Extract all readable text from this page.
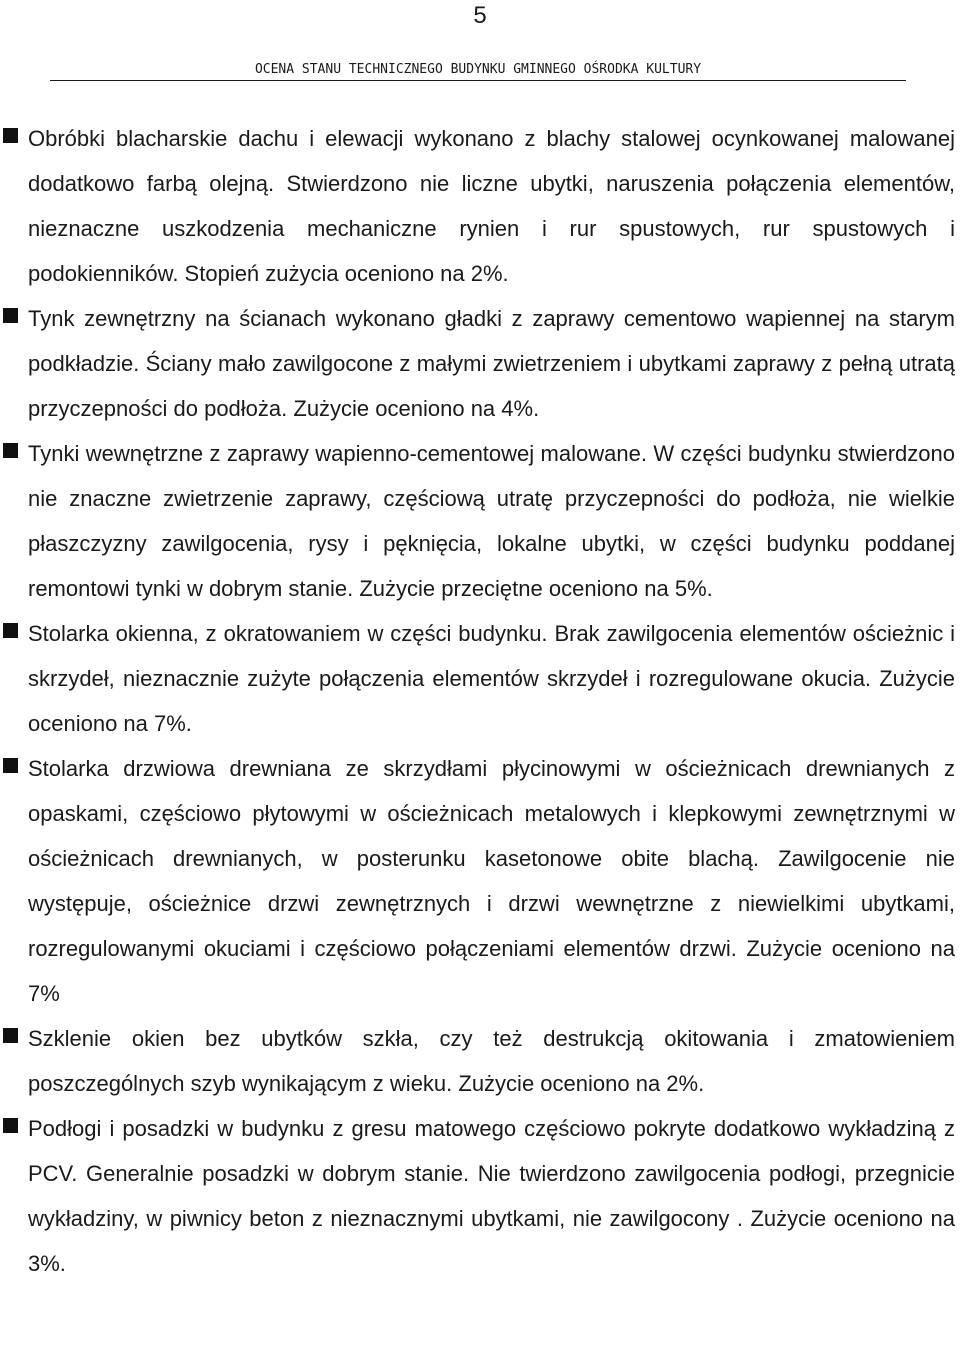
5
OCENA STANU TECHNICZNEGO BUDYNKU GMINNEGO OŚRODKA KULTURY
Obróbki blacharskie dachu i elewacji wykonano z blachy stalowej ocynkowanej malowanej dodatkowo farbą olejną. Stwierdzono nie liczne ubytki, naruszenia połączenia elementów, nieznaczne uszkodzenia mechaniczne rynien i rur spustowych, rur spustowych i podokienników. Stopień zużycia oceniono na 2%.
Tynk zewnętrzny na ścianach wykonano gładki z zaprawy cementowo wapiennej na starym podkładzie. Ściany mało zawilgocone z małymi zwietrzeniem i ubytkami zaprawy z pełną utratą przyczepności do podłoża. Zużycie oceniono na 4%.
Tynki wewnętrzne z zaprawy wapienno-cementowej malowane. W części budynku stwierdzono nie znaczne zwietrzenie zaprawy, częściową utratę przyczepności do podłoża, nie wielkie płaszczyzny zawilgocenia, rysy i pęknięcia, lokalne ubytki, w części budynku poddanej remontowi tynki w dobrym stanie. Zużycie przeciętne oceniono na 5%.
Stolarka okienna, z okratowaniem w części budynku. Brak zawilgocenia elementów ościeżnic i skrzydeł, nieznacznie zużyte połączenia elementów skrzydeł i rozregulowane okucia. Zużycie oceniono na 7%.
Stolarka drzwiowa drewniana ze skrzydłami płycinowymi w ościeżnicach drewnianych z opaskami, częściowo płytowymi w ościeżnicach metalowych i klepkowymi zewnętrznymi w ościeżnicach drewnianych, w posterunku kasetonowe obite blachą. Zawilgocenie nie występuje, ościeżnice drzwi zewnętrznych i drzwi wewnętrzne z niewielkimi ubytkami, rozregulowanymi okuciami i częściowo połączeniami elementów drzwi. Zużycie oceniono na 7%
Szklenie okien bez ubytków szkła, czy też destrukcją okitowania i zmatowieniem poszczególnych szyb wynikającym z wieku. Zużycie oceniono na 2%.
Podłogi i posadzki w budynku z gresu matowego częściowo pokryte dodatkowo wykładziną z PCV. Generalnie posadzki w dobrym stanie. Nie twierdzono zawilgocenia podłogi, przegnicie wykładziny, w piwnicy beton z nieznacznymi ubytkami, nie zawilgocony . Zużycie oceniono na 3%.
